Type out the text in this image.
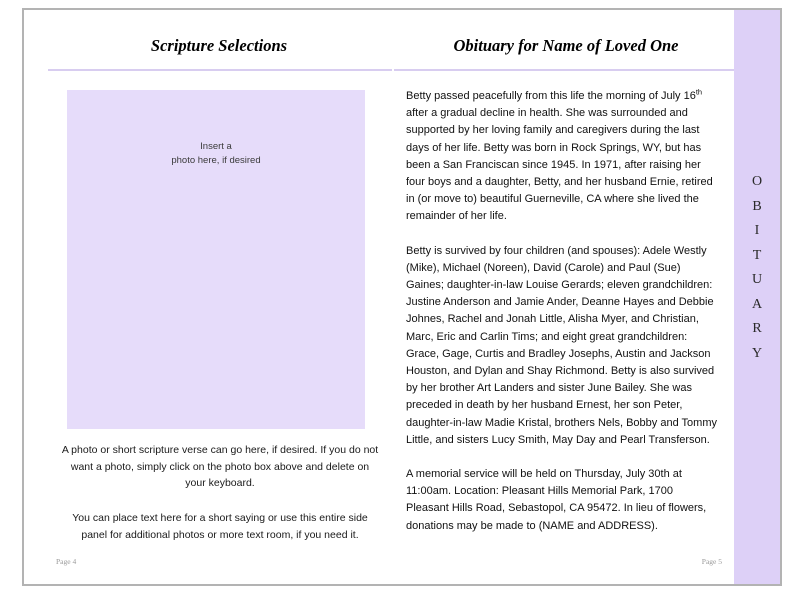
Scripture Selections	Obituary for Name of Loved One
Insert a
photo here, if desired
A photo or short scripture verse can go here, if desired. If you do not want a photo, simply click on the photo box above and delete on your keyboard.
You can place text here for a short saying or use this entire side panel for additional photos or more text room, if you need it.

Betty passed peacefully from this life the morning of July 16th after a gradual decline in health. She was surrounded and supported by her loving family and caregivers during the last days of her life. Betty was born in Rock Springs, WY, but has been a San Franciscan since 1945. In 1971, after raising her four boys and a daughter, Betty, and her husband Ernie, retired in (or move to) beautiful Guerneville, CA where she lived the remainder of her life.

Betty is survived by four children (and spouses): Adele Westly (Mike), Michael (Noreen), David (Carole) and Paul (Sue) Gaines; daughter-in-law Louise Gerards; eleven grandchildren: Justine Anderson and Jamie Ander, Deanne Hayes and Debbie Johnes, Rachel and Jonah Little, Alisha Myer, and Christian, Marc, Eric and Carlin Tims; and eight great grandchildren: Grace, Gage, Curtis and Bradley Josephs, Austin and Jackson Houston, and Dylan and Shay Richmond. Betty is also survived by her brother Art Landers and sister June Bailey. She was preceded in death by her husband Ernest, her son Peter, daughter-in-law Madie Kristal, brothers Nels, Bobby and Tommy Little, and sisters Lucy Smith, May Day and Pearl Transferson.

A memorial service will be held on Thursday, July 30th at 11:00am. Location: Pleasant Hills Memorial Park, 1700 Pleasant Hills Road, Sebastopol, CA 95472. In lieu of flowers, donations may be made to (NAME and ADDRESS).

Page 4	Page 5
O
B
I
T
U
A
R
Y
